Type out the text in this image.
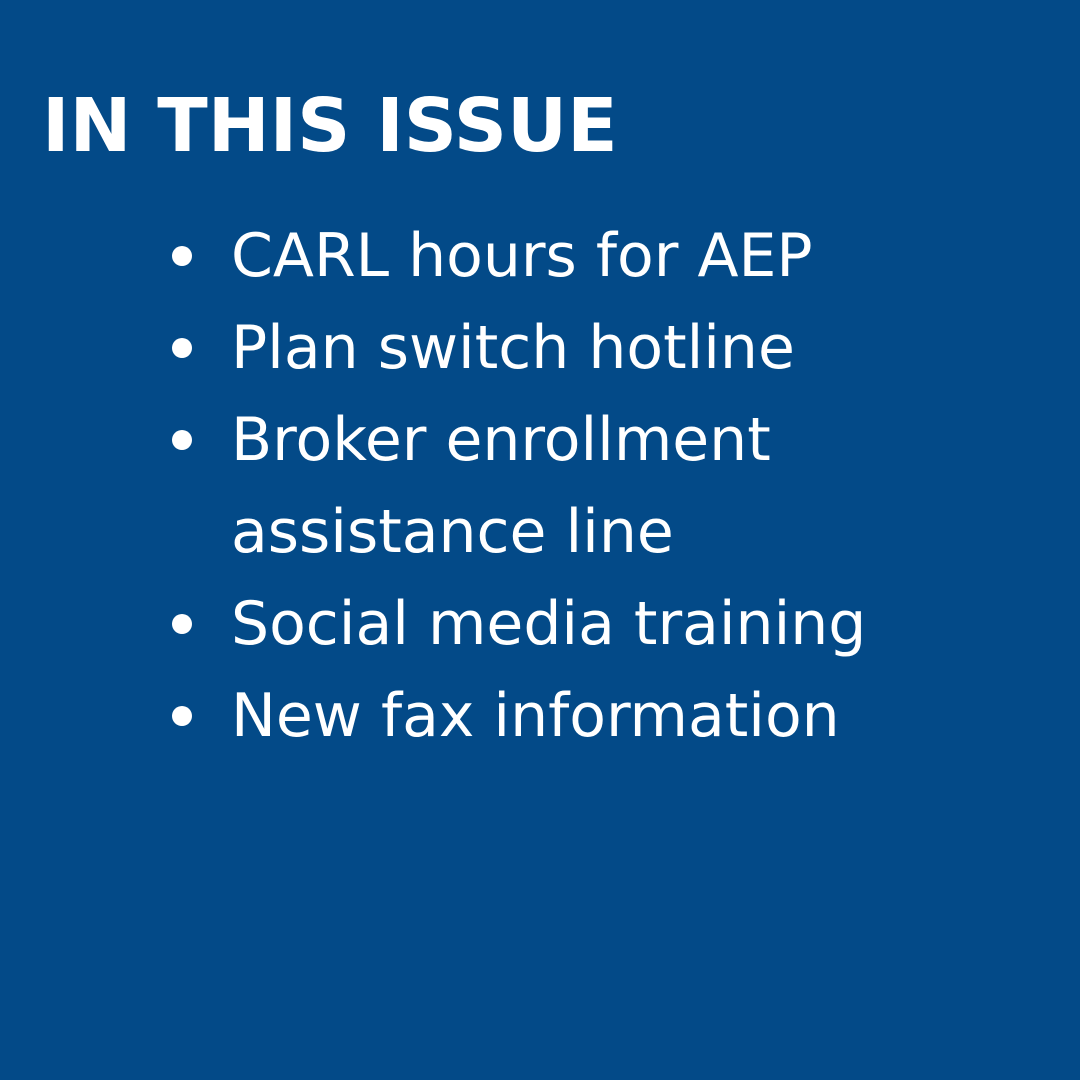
IN THIS ISSUE
CARL hours for AEP
Plan switch hotline
Broker enrollment
assistance line
Social media training
New fax information
